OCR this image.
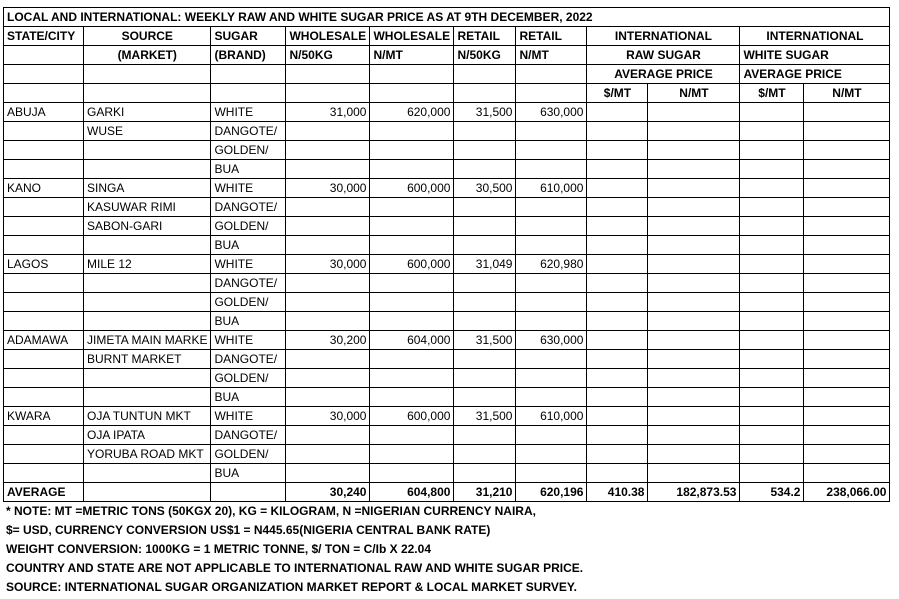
LOCAL AND INTERNATIONAL: WEEKLY RAW AND WHITE SUGAR PRICE AS AT 9TH DECEMBER, 2022										
STATE/CITY	SOURCE	SUGAR	WHOLESALE	WHOLESALE	RETAIL	RETAIL	INTERNATIONAL		INTERNATIONAL	
	(MARKET)	(BRAND)	N/50KG	N/MT	N/50KG	N/MT	RAW SUGAR		WHITE SUGAR	
							AVERAGE PRICE		AVERAGE PRICE	
							$/MT	N/MT	$/MT	N/MT
ABUJA	GARKI	WHITE	31,000	620,000	31,500	630,000				
	WUSE	DANGOTE/								
		GOLDEN/								
		BUA								
KANO	SINGA	WHITE	30,000	600,000	30,500	610,000				
	KASUWAR RIMI	DANGOTE/								
	SABON-GARI	GOLDEN/								
		BUA								
LAGOS	MILE 12	WHITE	30,000	600,000	31,049	620,980				
		DANGOTE/								
		GOLDEN/								
		BUA								
ADAMAWA	JIMETA MAIN MARKE	WHITE	30,200	604,000	31,500	630,000				
	BURNT MARKET	DANGOTE/								
		GOLDEN/								
		BUA								
KWARA	OJA TUNTUN MKT	WHITE	30,000	600,000	31,500	610,000				
	OJA IPATA	DANGOTE/								
	YORUBA ROAD MKT	GOLDEN/								
		BUA								
AVERAGE			30,240	604,800	31,210	620,196	410.38	182,873.53	534.2	238,066.00
* NOTE: MT =METRIC TONS (50KGX 20), KG = KILOGRAM, N =NIGERIAN CURRENCY NAIRA,
$= USD, CURRENCY CONVERSION US$1 = N445.65(NIGERIA CENTRAL BANK RATE)
WEIGHT CONVERSION: 1000KG = 1 METRIC TONNE, $/ TON = C/Ib X 22.04
COUNTRY AND STATE ARE NOT APPLICABLE TO INTERNATIONAL RAW AND WHITE SUGAR PRICE.
SOURCE: INTERNATIONAL SUGAR ORGANIZATION MARKET REPORT & LOCAL MARKET SURVEY.
